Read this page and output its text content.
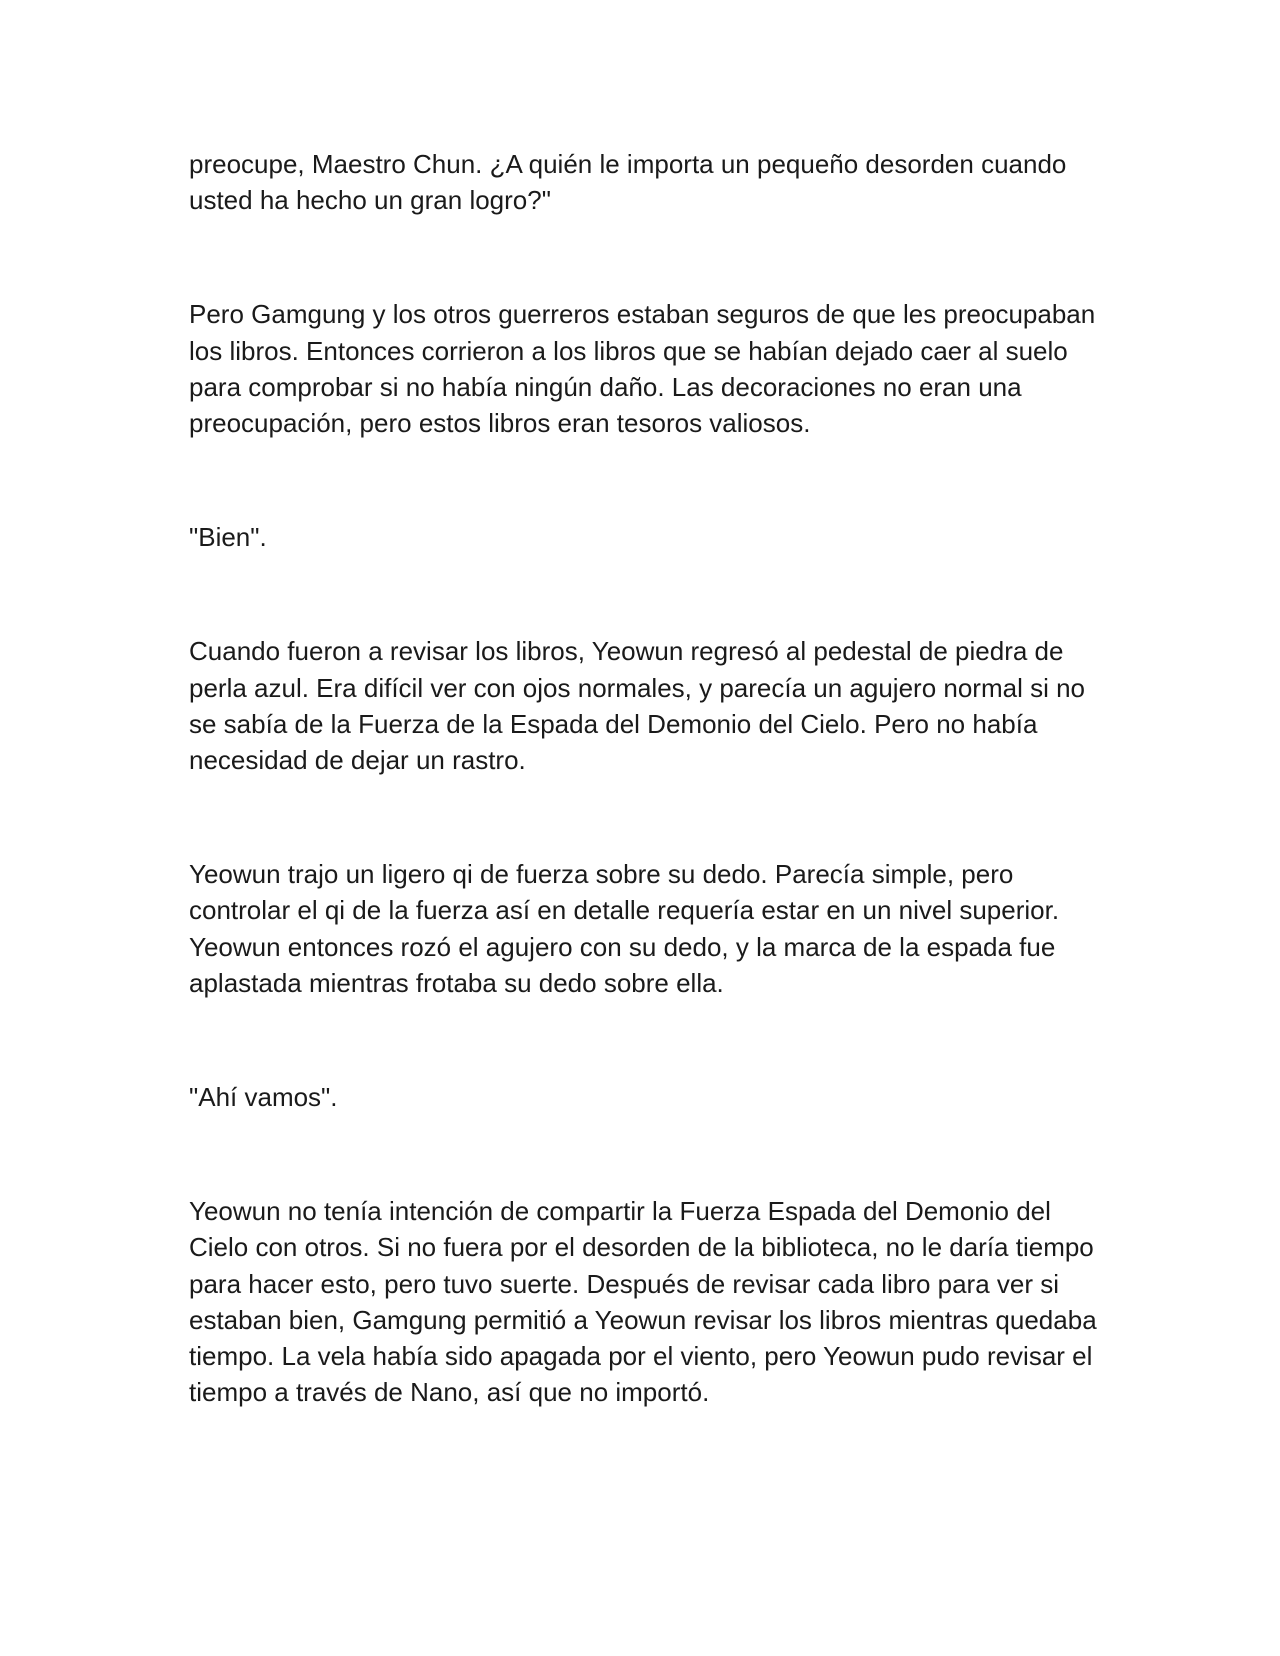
preocupe, Maestro Chun. ¿A quién le importa un pequeño desorden cuando usted ha hecho un gran logro?"

Pero Gamgung y los otros guerreros estaban seguros de que les preocupaban los libros. Entonces corrieron a los libros que se habían dejado caer al suelo para comprobar si no había ningún daño. Las decoraciones no eran una preocupación, pero estos libros eran tesoros valiosos.

"Bien".

Cuando fueron a revisar los libros, Yeowun regresó al pedestal de piedra de perla azul. Era difícil ver con ojos normales, y parecía un agujero normal si no se sabía de la Fuerza de la Espada del Demonio del Cielo. Pero no había necesidad de dejar un rastro.

Yeowun trajo un ligero qi de fuerza sobre su dedo. Parecía simple, pero controlar el qi de la fuerza así en detalle requería estar en un nivel superior. Yeowun entonces rozó el agujero con su dedo, y la marca de la espada fue aplastada mientras frotaba su dedo sobre ella.

"Ahí vamos".

Yeowun no tenía intención de compartir la Fuerza Espada del Demonio del Cielo con otros. Si no fuera por el desorden de la biblioteca, no le daría tiempo para hacer esto, pero tuvo suerte. Después de revisar cada libro para ver si estaban bien, Gamgung permitió a Yeowun revisar los libros mientras quedaba tiempo. La vela había sido apagada por el viento, pero Yeowun pudo revisar el tiempo a través de Nano, así que no importó.
